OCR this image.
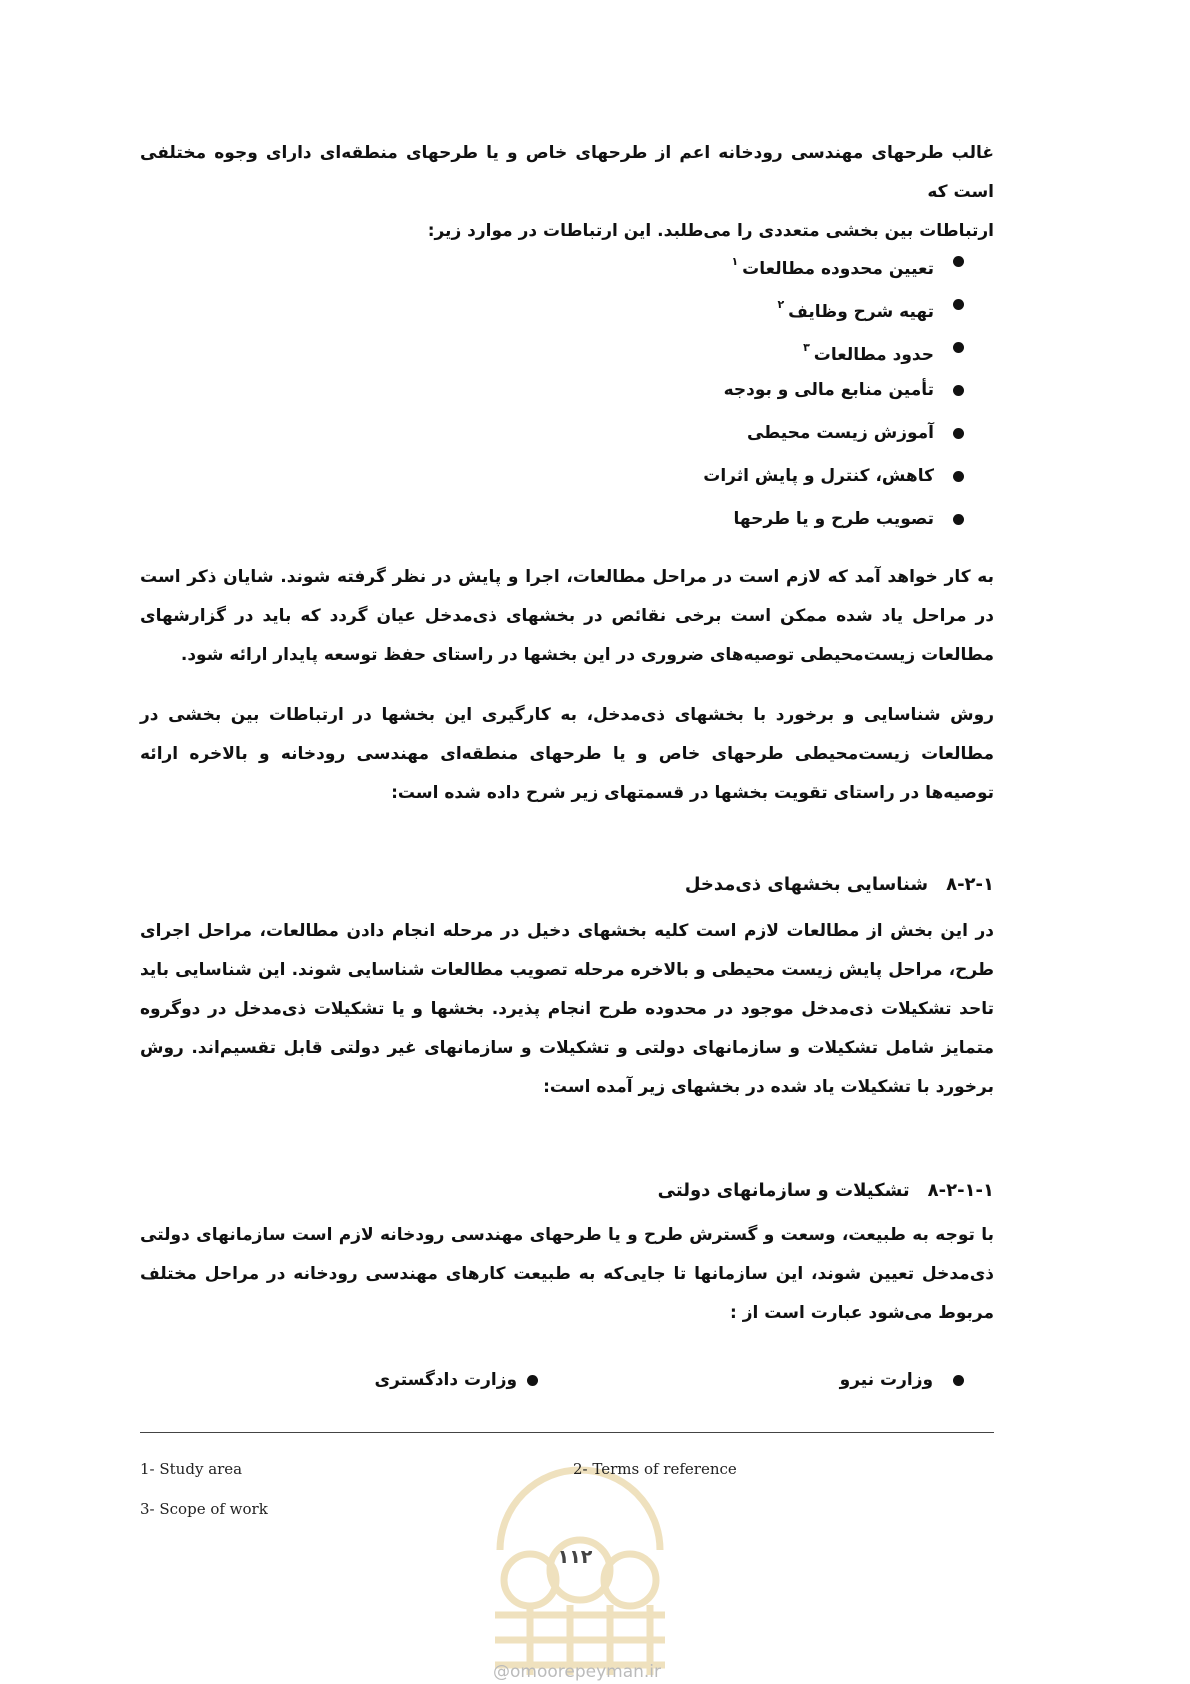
غالب طرحهای مهندسی رودخانه اعم از طرحهای خاص و یا طرحهای منطقه‌ای دارای وجوه مختلفی است که

ارتباطات بین بخشی متعددی را می‌طلبد. این ارتباطات در موارد زیر:

تعیین محدوده مطالعات$^۱$
تهیه شرح وظایف$^۲$
حدود مطالعات$^۳$
تأمین منابع مالی و بودجه
آموزش زیست محیطی
کاهش، کنترل و پایش اثرات
تصویب طرح و یا طرحها

به کار خواهد آمد که لازم است در مراحل مطالعات، اجرا و پایش در نظر گرفته شوند. شایان ذکر است در مراحل یاد شده ممکن است برخی نقائص در بخشهای ذی‌مدخل عیان گردد که باید در گزارشهای مطالعات زیست‌محیطی توصیه‌های ضروری در این بخشها در راستای حفظ توسعه پایدار ارائه شود.

روش شناسایی و برخورد با بخشهای ذی‌مدخل، به کارگیری این بخشها در ارتباطات بین بخشی در مطالعات زیست‌محیطی طرحهای خاص و یا طرحهای منطقه‌ای مهندسی رودخانه و بالاخره ارائه توصیه‌ها در راستای تقویت بخشها در قسمتهای زیر شرح داده شده است:

۸-۲-۱شناسایی بخشهای ذی‌مدخل

در این بخش از مطالعات لازم است کلیه بخشهای دخیل در مرحله انجام دادن مطالعات، مراحل اجرای طرح، مراحل پایش زیست محیطی و بالاخره مرحله تصویب مطالعات شناسایی شوند. این شناسایی باید تاحد تشکیلات ذی‌مدخل موجود در محدوده طرح انجام پذیرد. بخشها و یا تشکیلات ذی‌مدخل در دوگروه متمایز شامل تشکیلات و سازمانهای دولتی و تشکیلات و سازمانهای غیر دولتی قابل تقسیم‌اند. روش برخورد با تشکیلات یاد شده در بخشهای زیر آمده است:

۸-۲-۱-۱تشکیلات و سازمانهای دولتی

با توجه به طبیعت، وسعت و گسترش طرح و یا طرحهای مهندسی رودخانه لازم است سازمانهای دولتی ذی‌مدخل تعیین شوند، این سازمانها تا جایی‌که به طبیعت کارهای مهندسی رودخانه در مراحل مختلف مربوط می‌شود عبارت است از :

وزارت نیرو
وزارت دادگستری
1- Study area	2- Terms of reference
3- Scope of work
۱۱۲
@omoorepeyman.ir
